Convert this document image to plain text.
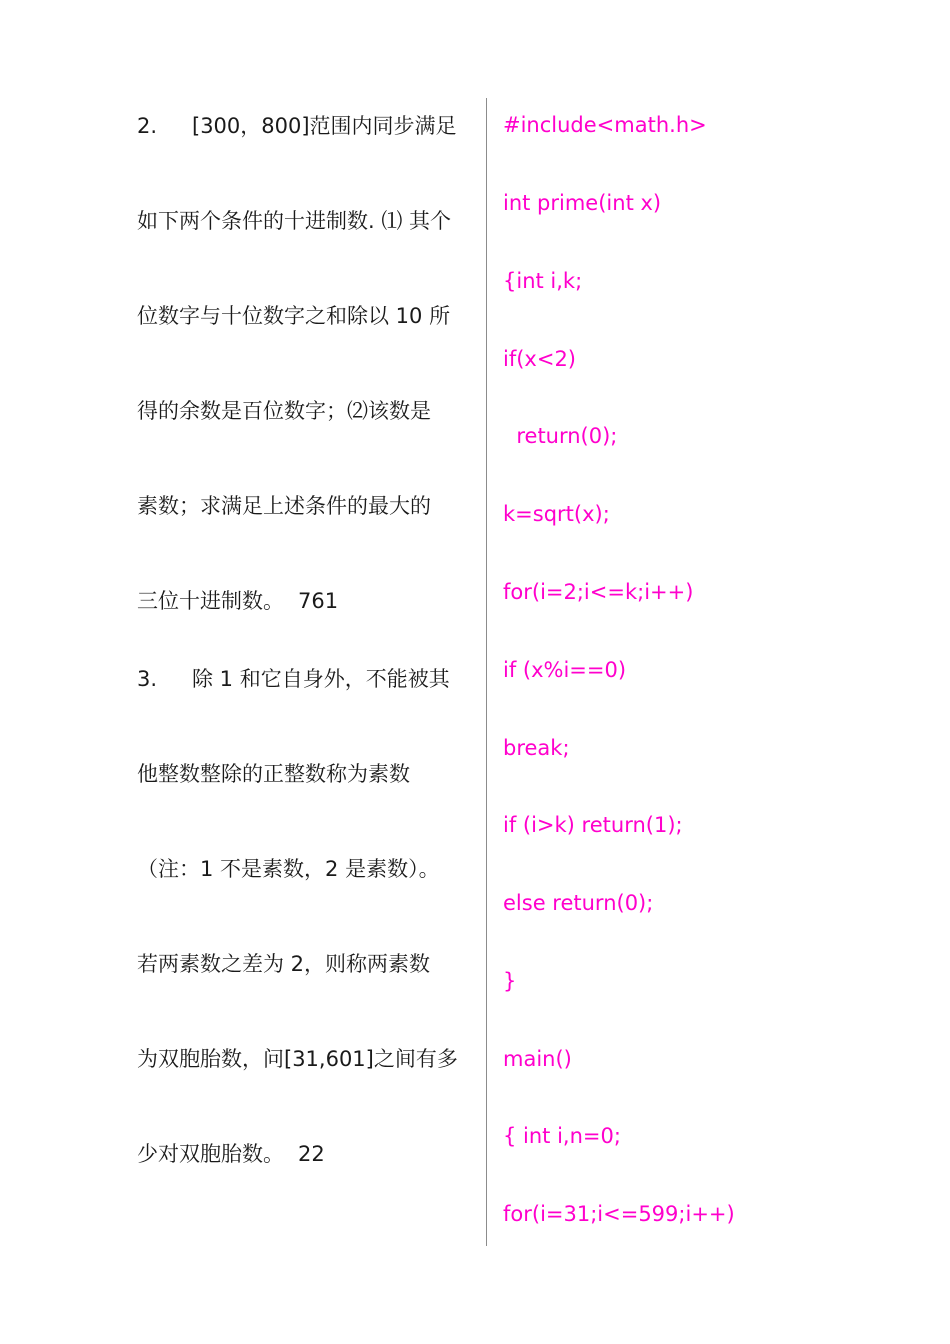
2. [300，800]范围内同步满足
如下两个条件的十进制数. ⑴ 其个
位数字与十位数字之和除以 10 所
得的余数是百位数字；⑵该数是
素数；求满足上述条件的最大的
三位十进制数。 761
3. 除 1 和它自身外，不能被其
他整数整除的正整数称为素数
（注：1 不是素数，2 是素数）。
若两素数之差为 2，则称两素数
为双胞胎数，问[31,601]之间有多
少对双胞胎数。 22
#include<math.h>
int prime(int x)
{int i,k;
if(x<2)
return(0);
k=sqrt(x);
for(i=2;i<=k;i++)
if (x%i==0)
break;
if (i>k) return(1);
else return(0);
}
main()
{ int i,n=0;
for(i=31;i<=599;i++)
